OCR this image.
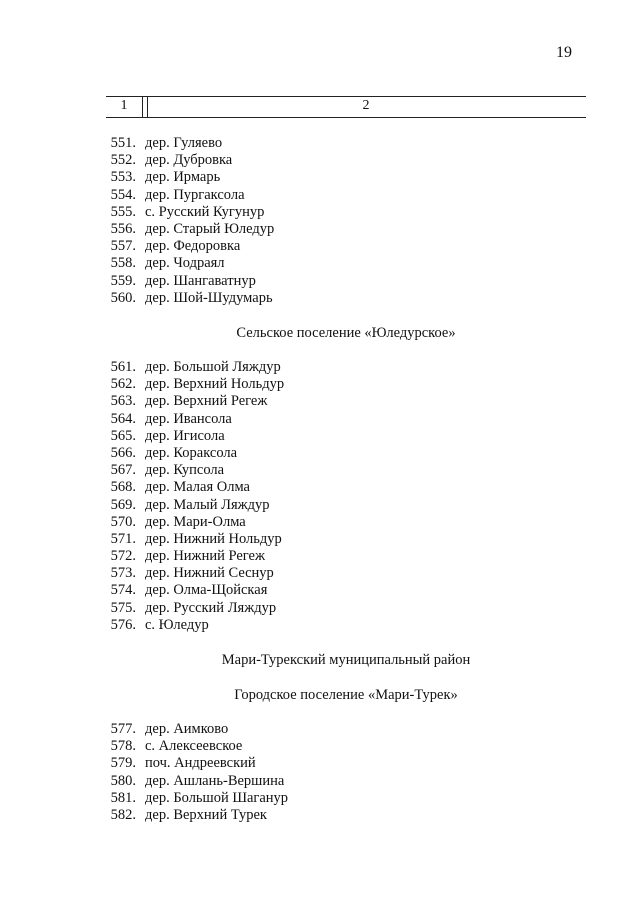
19
1	2
551. дер. Гуляево
552. дер. Дубровка
553. дер. Ирмарь
554. дер. Пургаксола
555. с. Русский Кугунур
556. дер. Старый Юледур
557. дер. Федоровка
558. дер. Чодраял
559. дер. Шангаватнур
560. дер. Шой-Шудумарь
Сельское поселение «Юледурское»
561. дер. Большой Ляждур
562. дер. Верхний Нольдур
563. дер. Верхний Регеж
564. дер. Ивансола
565. дер. Игисола
566. дер. Кораксола
567. дер. Купсола
568. дер. Малая Олма
569. дер. Малый Ляждур
570. дер. Мари-Олма
571. дер. Нижний Нольдур
572. дер. Нижний Регеж
573. дер. Нижний Сеснур
574. дер. Олма-Щойская
575. дер. Русский Ляждур
576. с. Юледур
Мари-Турекский муниципальный район
Городское поселение «Мари-Турек»
577. дер. Аимково
578. с. Алексеевское
579. поч. Андреевский
580. дер. Ашлань-Вершина
581. дер. Большой Шаганур
582. дер. Верхний Турек
